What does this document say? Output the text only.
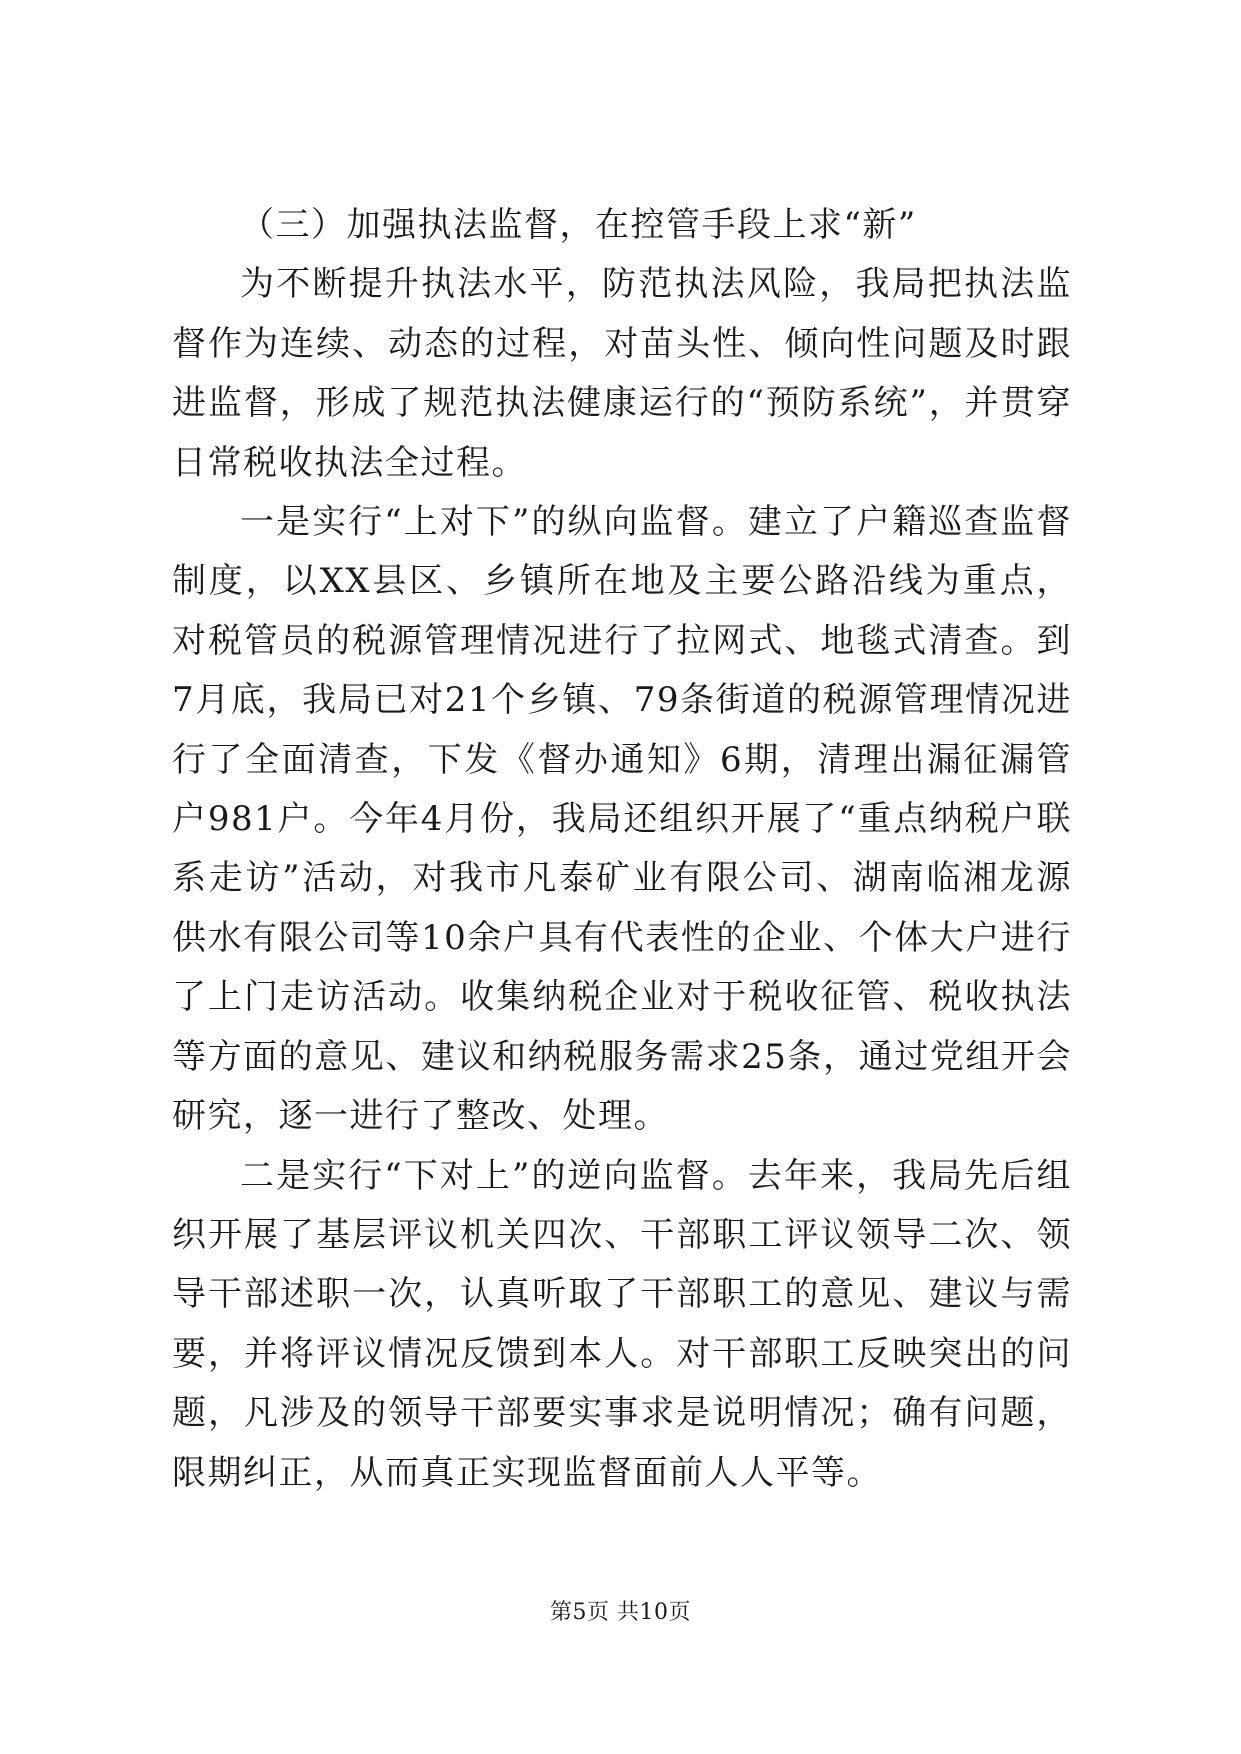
（三）加强执法监督，在控管手段上求“新”

为不断提升执法水平，防范执法风险，我局把执法监督作为连续、动态的过程，对苗头性、倾向性问题及时跟进监督，形成了规范执法健康运行的“预防系统”，并贯穿日常税收执法全过程。

一是实行“上对下”的纵向监督。建立了户籍巡查监督制度，以XX县区、乡镇所在地及主要公路沿线为重点，对税管员的税源管理情况进行了拉网式、地毯式清查。到7月底，我局已对21个乡镇、79条街道的税源管理情况进行了全面清查，下发《督办通知》6期，清理出漏征漏管户981户。今年4月份，我局还组织开展了“重点纳税户联系走访”活动，对我市凡泰矿业有限公司、湖南临湘龙源供水有限公司等10余户具有代表性的企业、个体大户进行了上门走访活动。收集纳税企业对于税收征管、税收执法等方面的意见、建议和纳税服务需求25条，通过党组开会研究，逐一进行了整改、处理。

二是实行“下对上”的逆向监督。去年来，我局先后组织开展了基层评议机关四次、干部职工评议领导二次、领导干部述职一次，认真听取了干部职工的意见、建议与需要，并将评议情况反馈到本人。对干部职工反映突出的问题，凡涉及的领导干部要实事求是说明情况；确有问题，限期纠正，从而真正实现监督面前人人平等。

第5页 共10页
